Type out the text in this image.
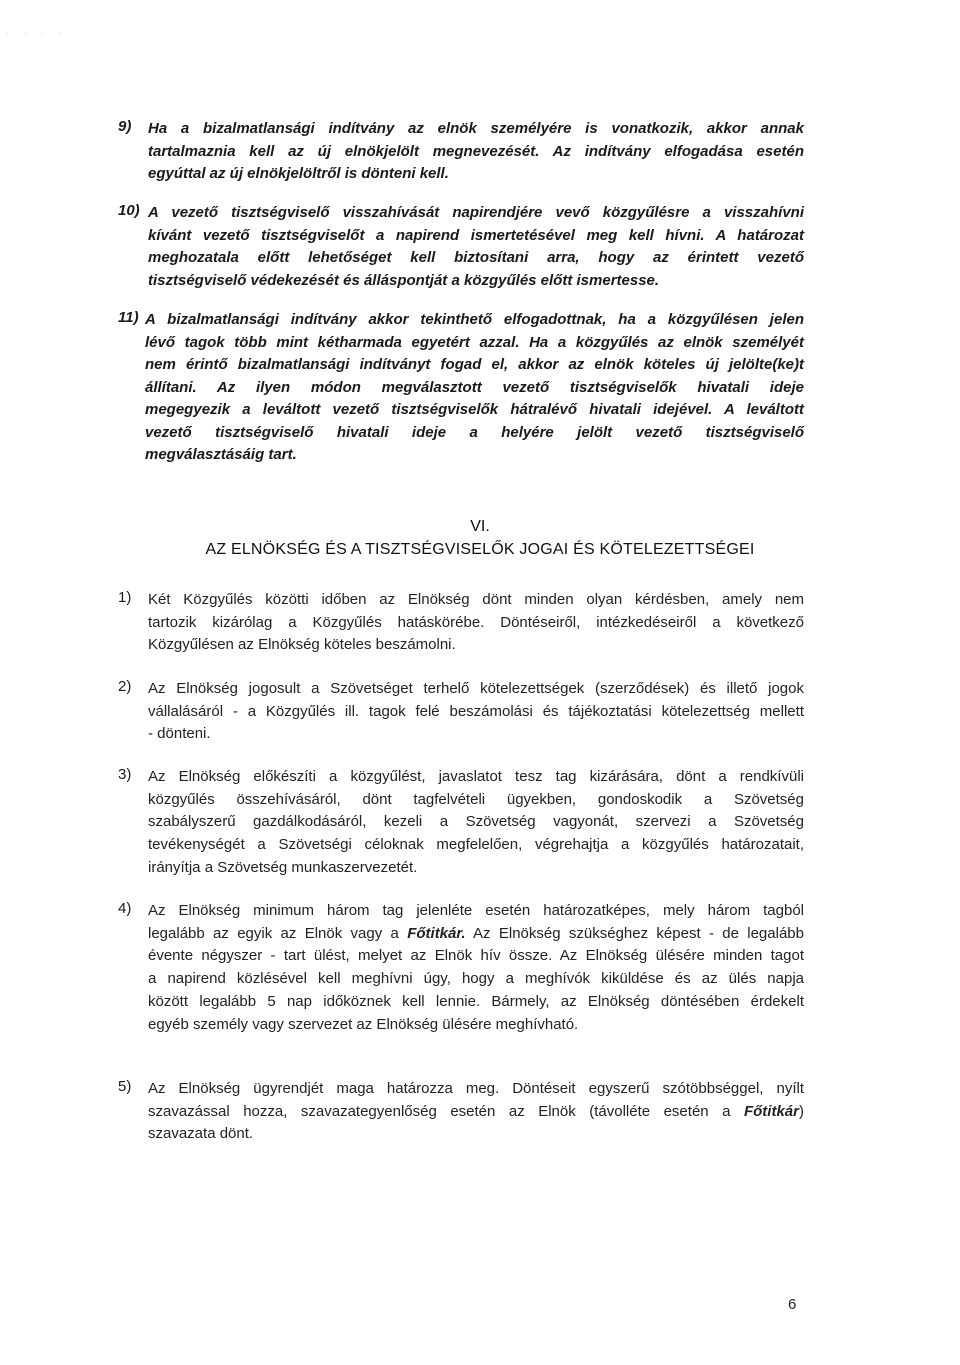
· · · ·
9) Ha a bizalmatlansági indítvány az elnök személyére is vonatkozik, akkor annak
tartalmaznia kell az új elnökjelölt megnevezését. Az indítvány elfogadása esetén
egyúttal az új elnökjelöltről is dönteni kell.

10) A vezető tisztségviselő visszahívását napirendjére vevő közgyűlésre a visszahívni
kívánt vezető tisztségviselőt a napirend ismertetésével meg kell hívni. A határozat
meghozatala előtt lehetőséget kell biztosítani arra, hogy az érintett vezető
tisztségviselő védekezését és álláspontját a közgyűlés előtt ismertesse.

11) A bizalmatlansági indítvány akkor tekinthető elfogadottnak, ha a közgyűlésen jelen
lévő tagok több mint kétharmada egyetért azzal. Ha a közgyűlés az elnök személyét
nem érintő bizalmatlansági indítványt fogad el, akkor az elnök köteles új jelölte(ke)t
állítani. Az ilyen módon megválasztott vezető tisztségviselők hivatali ideje
megegyezik a leváltott vezető tisztségviselők hátralévő hivatali idejével. A leváltott
vezető tisztségviselő hivatali ideje a helyére jelölt vezető tisztségviselő
megválasztásáig tart.

VI.
AZ ELNÖKSÉG ÉS A TISZTSÉGVISELŐK JOGAI ÉS KÖTELEZETTSÉGEI
1) Két Közgyűlés közötti időben az Elnökség dönt minden olyan kérdésben, amely nem
tartozik kizárólag a Közgyűlés hatáskörébe. Döntéseiről, intézkedéseiről a következő
Közgyűlésen az Elnökség köteles beszámolni.

2) Az Elnökség jogosult a Szövetséget terhelő kötelezettségek (szerződések) és illető jogok
vállalásáról - a Közgyűlés ill. tagok felé beszámolási és tájékoztatási kötelezettség mellett
- dönteni.

3) Az Elnökség előkészíti a közgyűlést, javaslatot tesz tag kizárására, dönt a rendkívüli
közgyűlés összehívásáról, dönt tagfelvételi ügyekben, gondoskodik a Szövetség
szabályszerű gazdálkodásáról, kezeli a Szövetség vagyonát, szervezi a Szövetség
tevékenységét a Szövetségi céloknak megfelelően, végrehajtja a közgyűlés határozatait,
irányítja a Szövetség munkaszervezetét.

4) Az Elnökség minimum három tag jelenléte esetén határozatképes, mely három tagból
legalább az egyik az Elnök vagy a Főtitkár. Az Elnökség szükséghez képest - de legalább
évente négyszer - tart ülést, melyet az Elnök hív össze. Az Elnökség ülésére minden tagot
a napirend közlésével kell meghívni úgy, hogy a meghívók kiküldése és az ülés napja
között legalább 5 nap időköznek kell lennie. Bármely, az Elnökség döntésében érdekelt
egyéb személy vagy szervezet az Elnökség ülésére meghívható.

5) Az Elnökség ügyrendjét maga határozza meg. Döntéseit egyszerű szótöbbséggel, nyílt
szavazással hozza, szavazategyenlőség esetén az Elnök (távolléte esetén a Főtitkár)
szavazata dönt.

6
